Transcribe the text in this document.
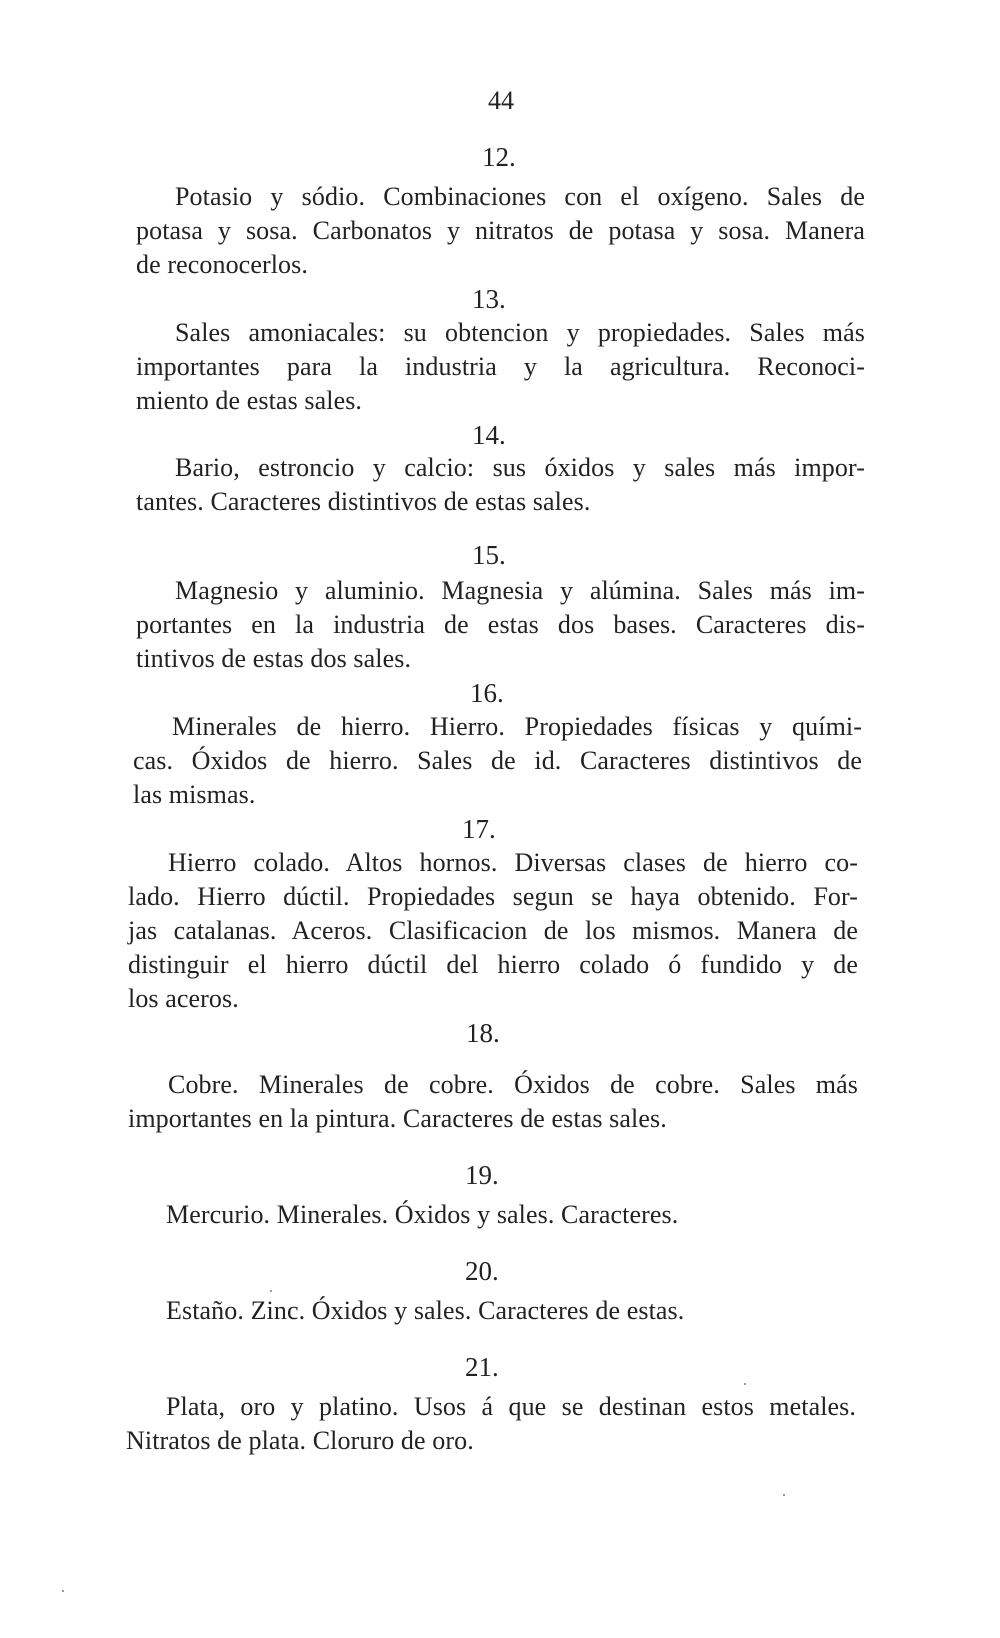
44
12.
Potasio y sódio. Combinaciones con el oxígeno. Sales de
potasa y sosa. Carbonatos y nitratos de potasa y sosa. Manera
de reconocerlos.
13.
Sales amoniacales: su obtencion y propiedades. Sales más
importantes para la industria y la agricultura. Reconoci-
miento de estas sales.
14.
Bario, estroncio y calcio: sus óxidos y sales más impor-
tantes. Caracteres distintivos de estas sales.
15.
Magnesio y aluminio. Magnesia y alúmina. Sales más im-
portantes en la industria de estas dos bases. Caracteres dis-
tintivos de estas dos sales.
16.
Minerales de hierro. Hierro. Propiedades físicas y quími-
cas. Óxidos de hierro. Sales de id. Caracteres distintivos de
las mismas.
17.
Hierro colado. Altos hornos. Diversas clases de hierro co-
lado. Hierro dúctil. Propiedades segun se haya obtenido. For-
jas catalanas. Aceros. Clasificacion de los mismos. Manera de
distinguir el hierro dúctil del hierro colado ó fundido y de
los aceros.
18.
Cobre. Minerales de cobre. Óxidos de cobre. Sales más
importantes en la pintura. Caracteres de estas sales.
19.
Mercurio. Minerales. Óxidos y sales. Caracteres.
20.
Estaño. Zinc. Óxidos y sales. Caracteres de estas.
21.
Plata, oro y platino. Usos á que se destinan estos metales.
Nitratos de plata. Cloruro de oro.
